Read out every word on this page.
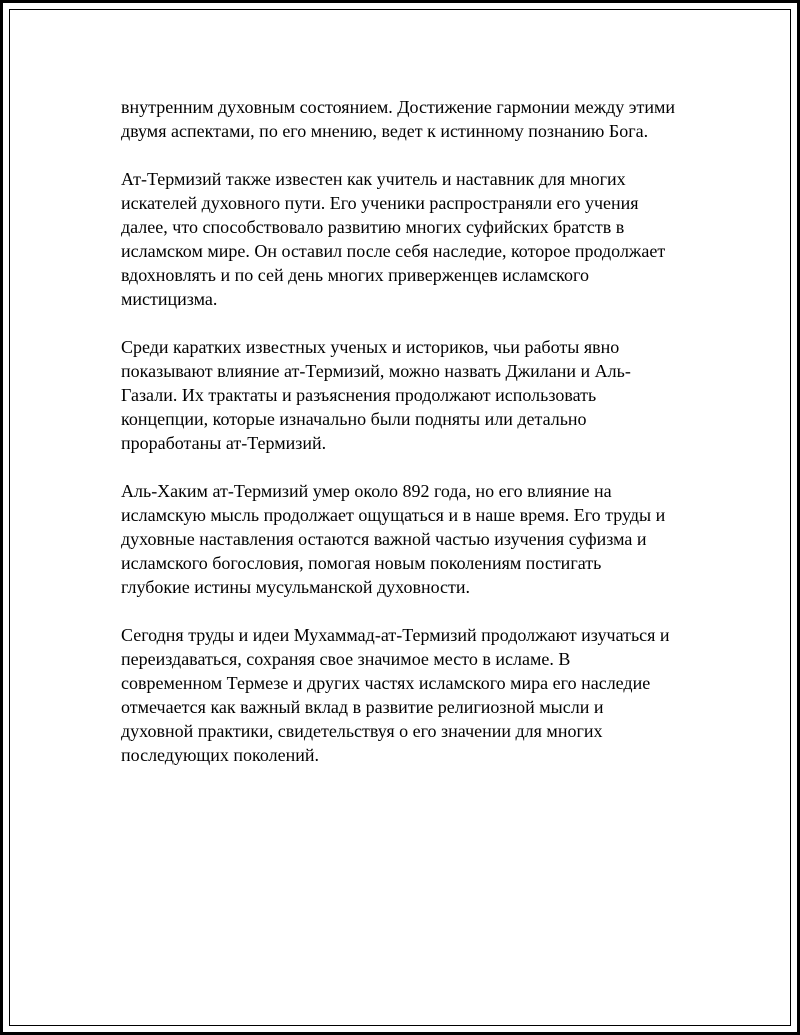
внутренним духовным состоянием. Достижение гармонии между этими
двумя аспектами, по его мнению, ведет к истинному познанию Бога.

Ат-Термизий также известен как учитель и наставник для многих
искателей духовного пути. Его ученики распространяли его учения
далее, что способствовало развитию многих суфийских братств в
исламском мире. Он оставил после себя наследие, которое продолжает
вдохновлять и по сей день многих приверженцев исламского
мистицизма.

Среди каратких известных ученых и историков, чьи работы явно
показывают влияние ат-Термизий, можно назвать Джилани и Аль-
Газали. Их трактаты и разъяснения продолжают использовать
концепции, которые изначально были подняты или детально
проработаны ат-Термизий.

Аль-Хаким ат-Термизий умер около 892 года, но его влияние на
исламскую мысль продолжает ощущаться и в наше время. Его труды и
духовные наставления остаются важной частью изучения суфизма и
исламского богословия, помогая новым поколениям постигать
глубокие истины мусульманской духовности.

Сегодня труды и идеи Мухаммад-ат-Термизий продолжают изучаться и
переиздаваться, сохраняя свое значимое место в исламе. В
современном Термезе и других частях исламского мира его наследие
отмечается как важный вклад в развитие религиозной мысли и
духовной практики, свидетельствуя о его значении для многих
последующих поколений.
